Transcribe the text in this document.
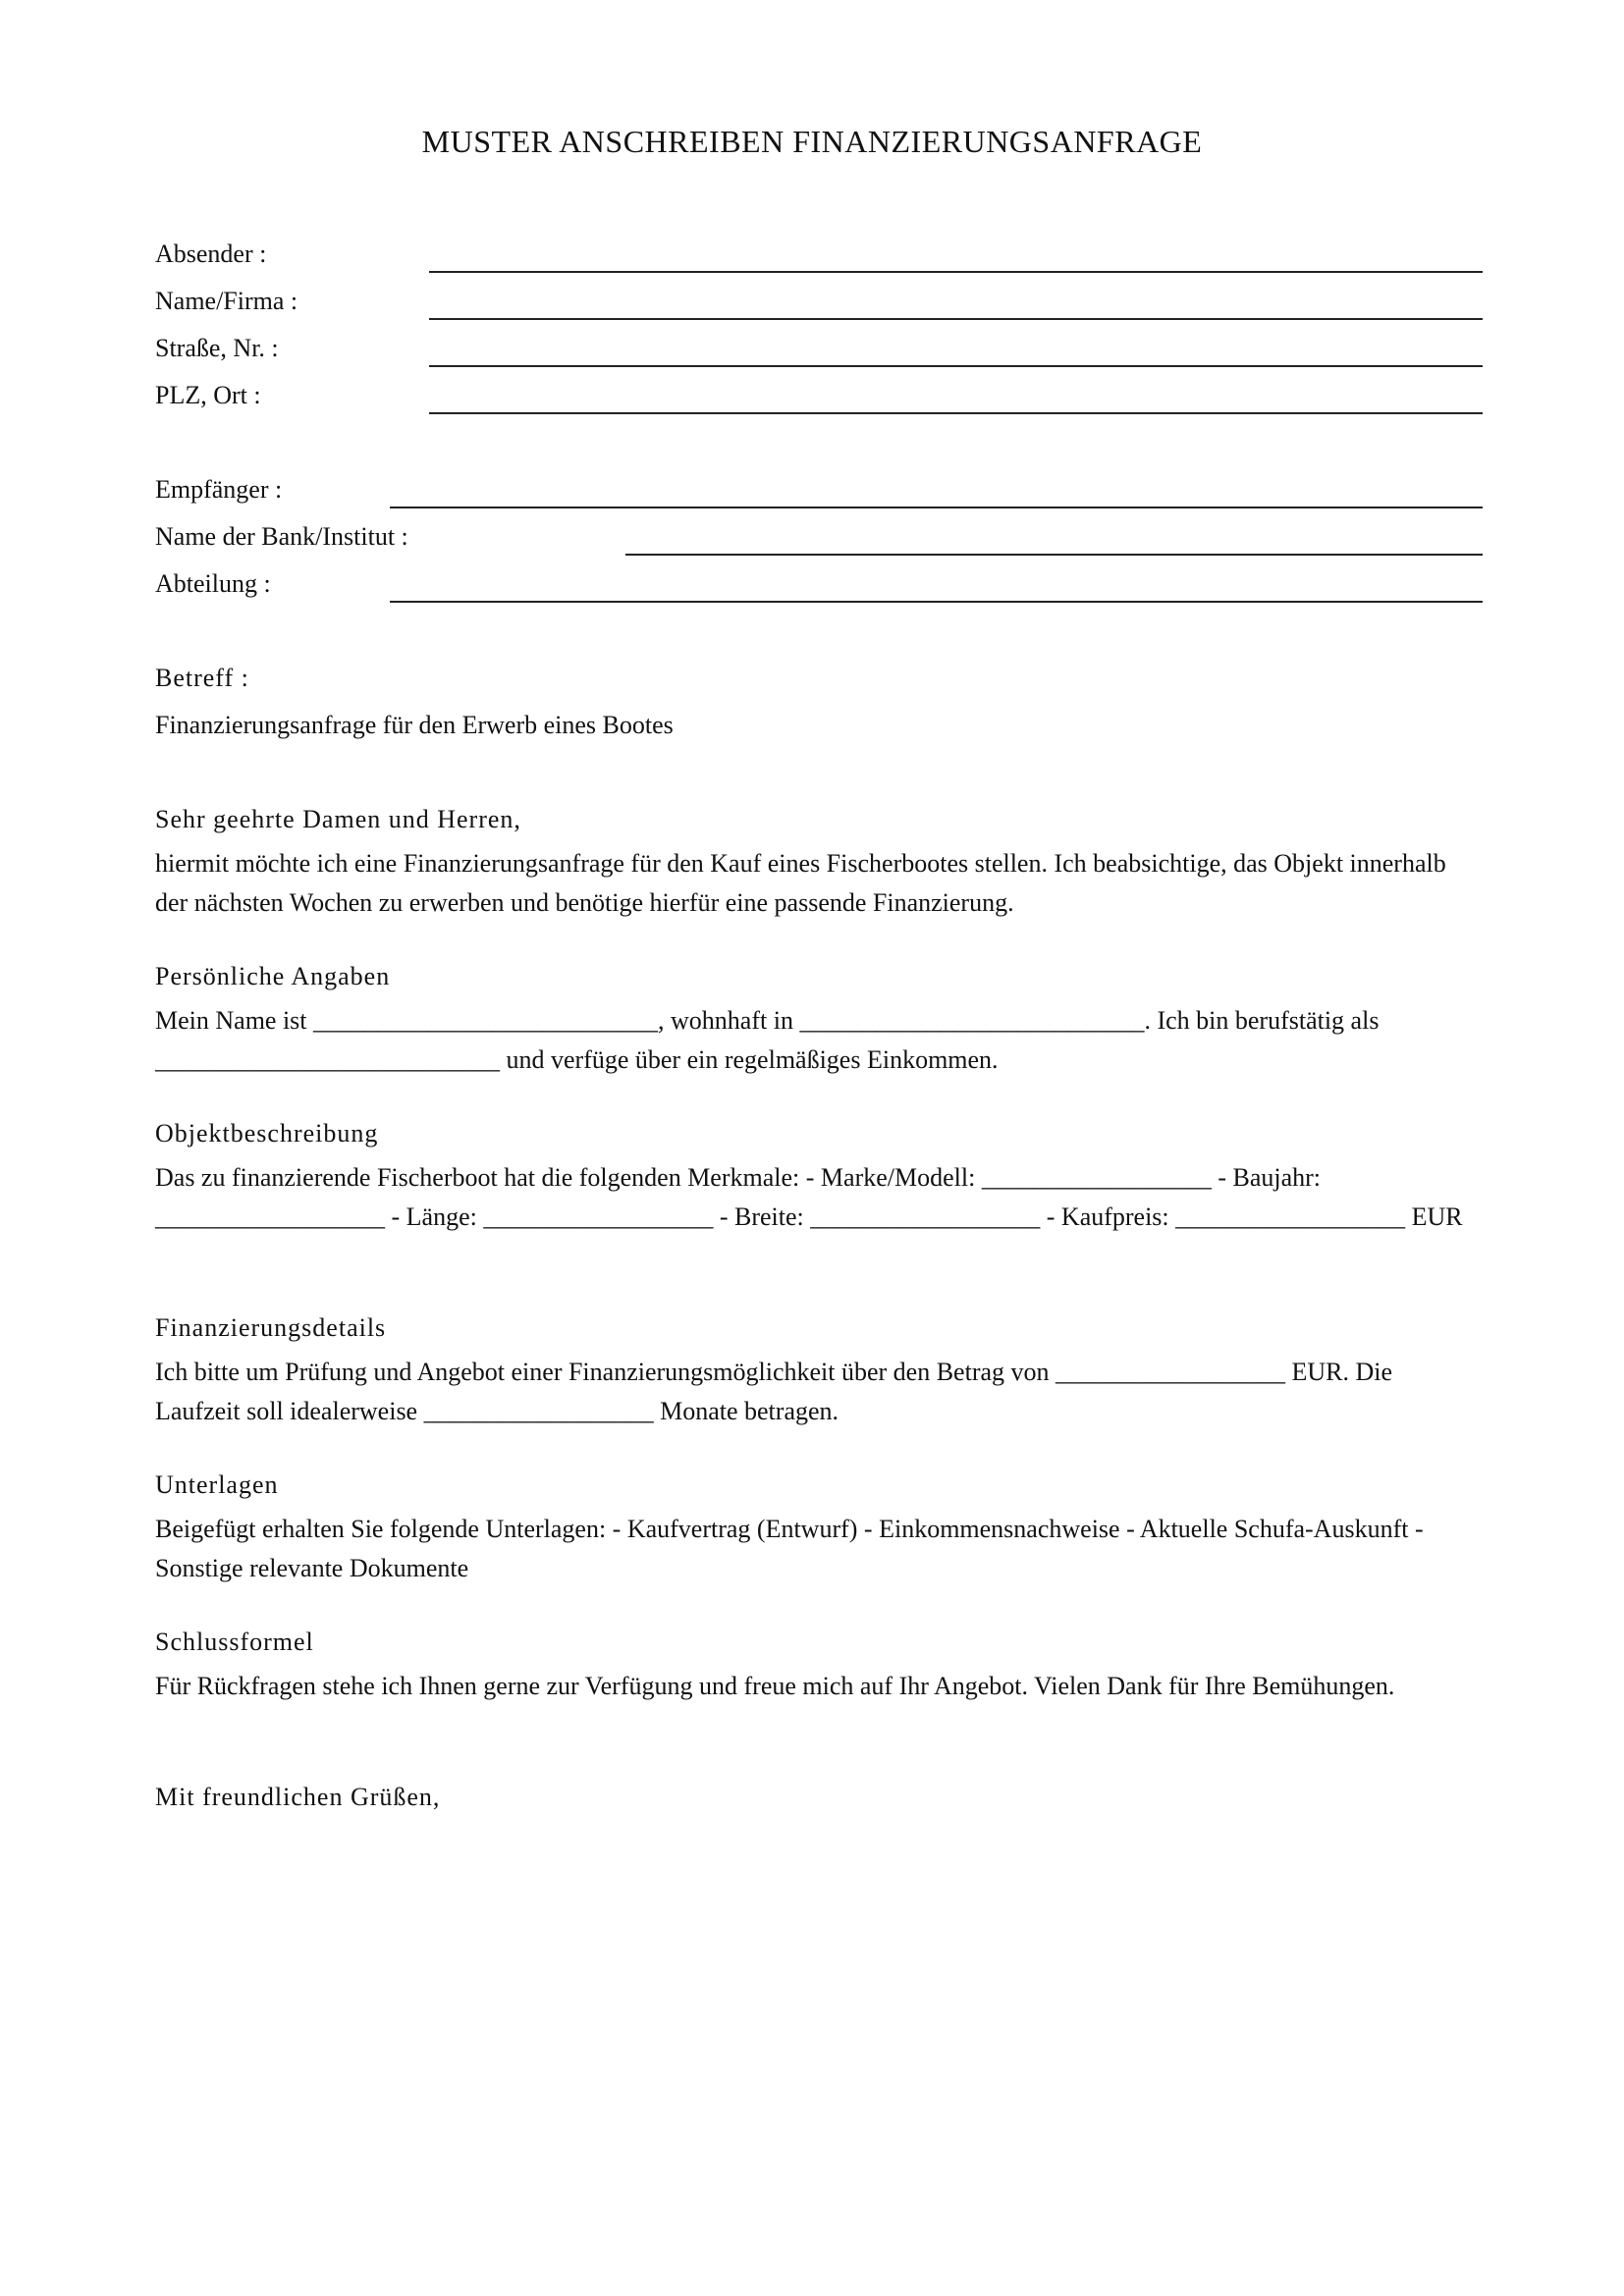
MUSTER ANSCHREIBEN FINANZIERUNGSANFRAGE
Absender :
Name/Firma :
Straße, Nr. :
PLZ, Ort :
Empfänger :
Name der Bank/Institut :
Abteilung :
Betreff :
Finanzierungsanfrage für den Erwerb eines Bootes
Sehr geehrte Damen und Herren,
hiermit möchte ich eine Finanzierungsanfrage für den Kauf eines Fischerbootes stellen. Ich beabsichtige, das Objekt innerhalb der nächsten Wochen zu erwerben und benötige hierfür eine passende Finanzierung.
Persönliche Angaben
Mein Name ist ___________________________, wohnhaft in ___________________________. Ich bin berufstätig als ___________________________ und verfüge über ein regelmäßiges Einkommen.
Objektbeschreibung
Das zu finanzierende Fischerboot hat die folgenden Merkmale: - Marke/Modell: __________________ - Baujahr: __________________ - Länge: __________________ - Breite: __________________ - Kaufpreis: __________________ EUR
Finanzierungsdetails
Ich bitte um Prüfung und Angebot einer Finanzierungsmöglichkeit über den Betrag von __________________ EUR. Die Laufzeit soll idealerweise __________________ Monate betragen.
Unterlagen
Beigefügt erhalten Sie folgende Unterlagen: - Kaufvertrag (Entwurf) - Einkommensnachweise - Aktuelle Schufa-Auskunft - Sonstige relevante Dokumente
Schlussformel
Für Rückfragen stehe ich Ihnen gerne zur Verfügung und freue mich auf Ihr Angebot. Vielen Dank für Ihre Bemühungen.
Mit freundlichen Grüßen,
